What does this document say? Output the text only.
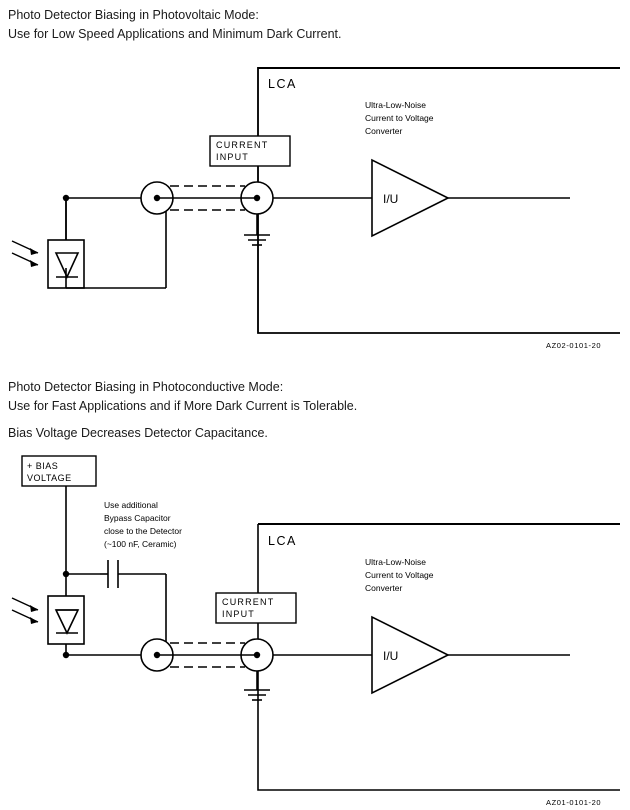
Photo Detector Biasing in Photovoltaic Mode:
Use for Low Speed Applications and Minimum Dark Current.
CURRENT
INPUT
LCA
Ultra-Low-Noise
Current to Voltage
Converter
I/U
AZ02-0101-20
Photo Detector Biasing in Photoconductive Mode:
Use for Fast Applications and if More Dark Current is Tolerable.
Bias Voltage Decreases Detector Capacitance.
+ BIAS
VOLTAGE
Use additional
Bypass Capacitor
close to the Detector
(~100 nF, Ceramic)
CURRENT
INPUT
LCA
Ultra-Low-Noise
Current to Voltage
Converter
I/U
AZ01-0101-20
